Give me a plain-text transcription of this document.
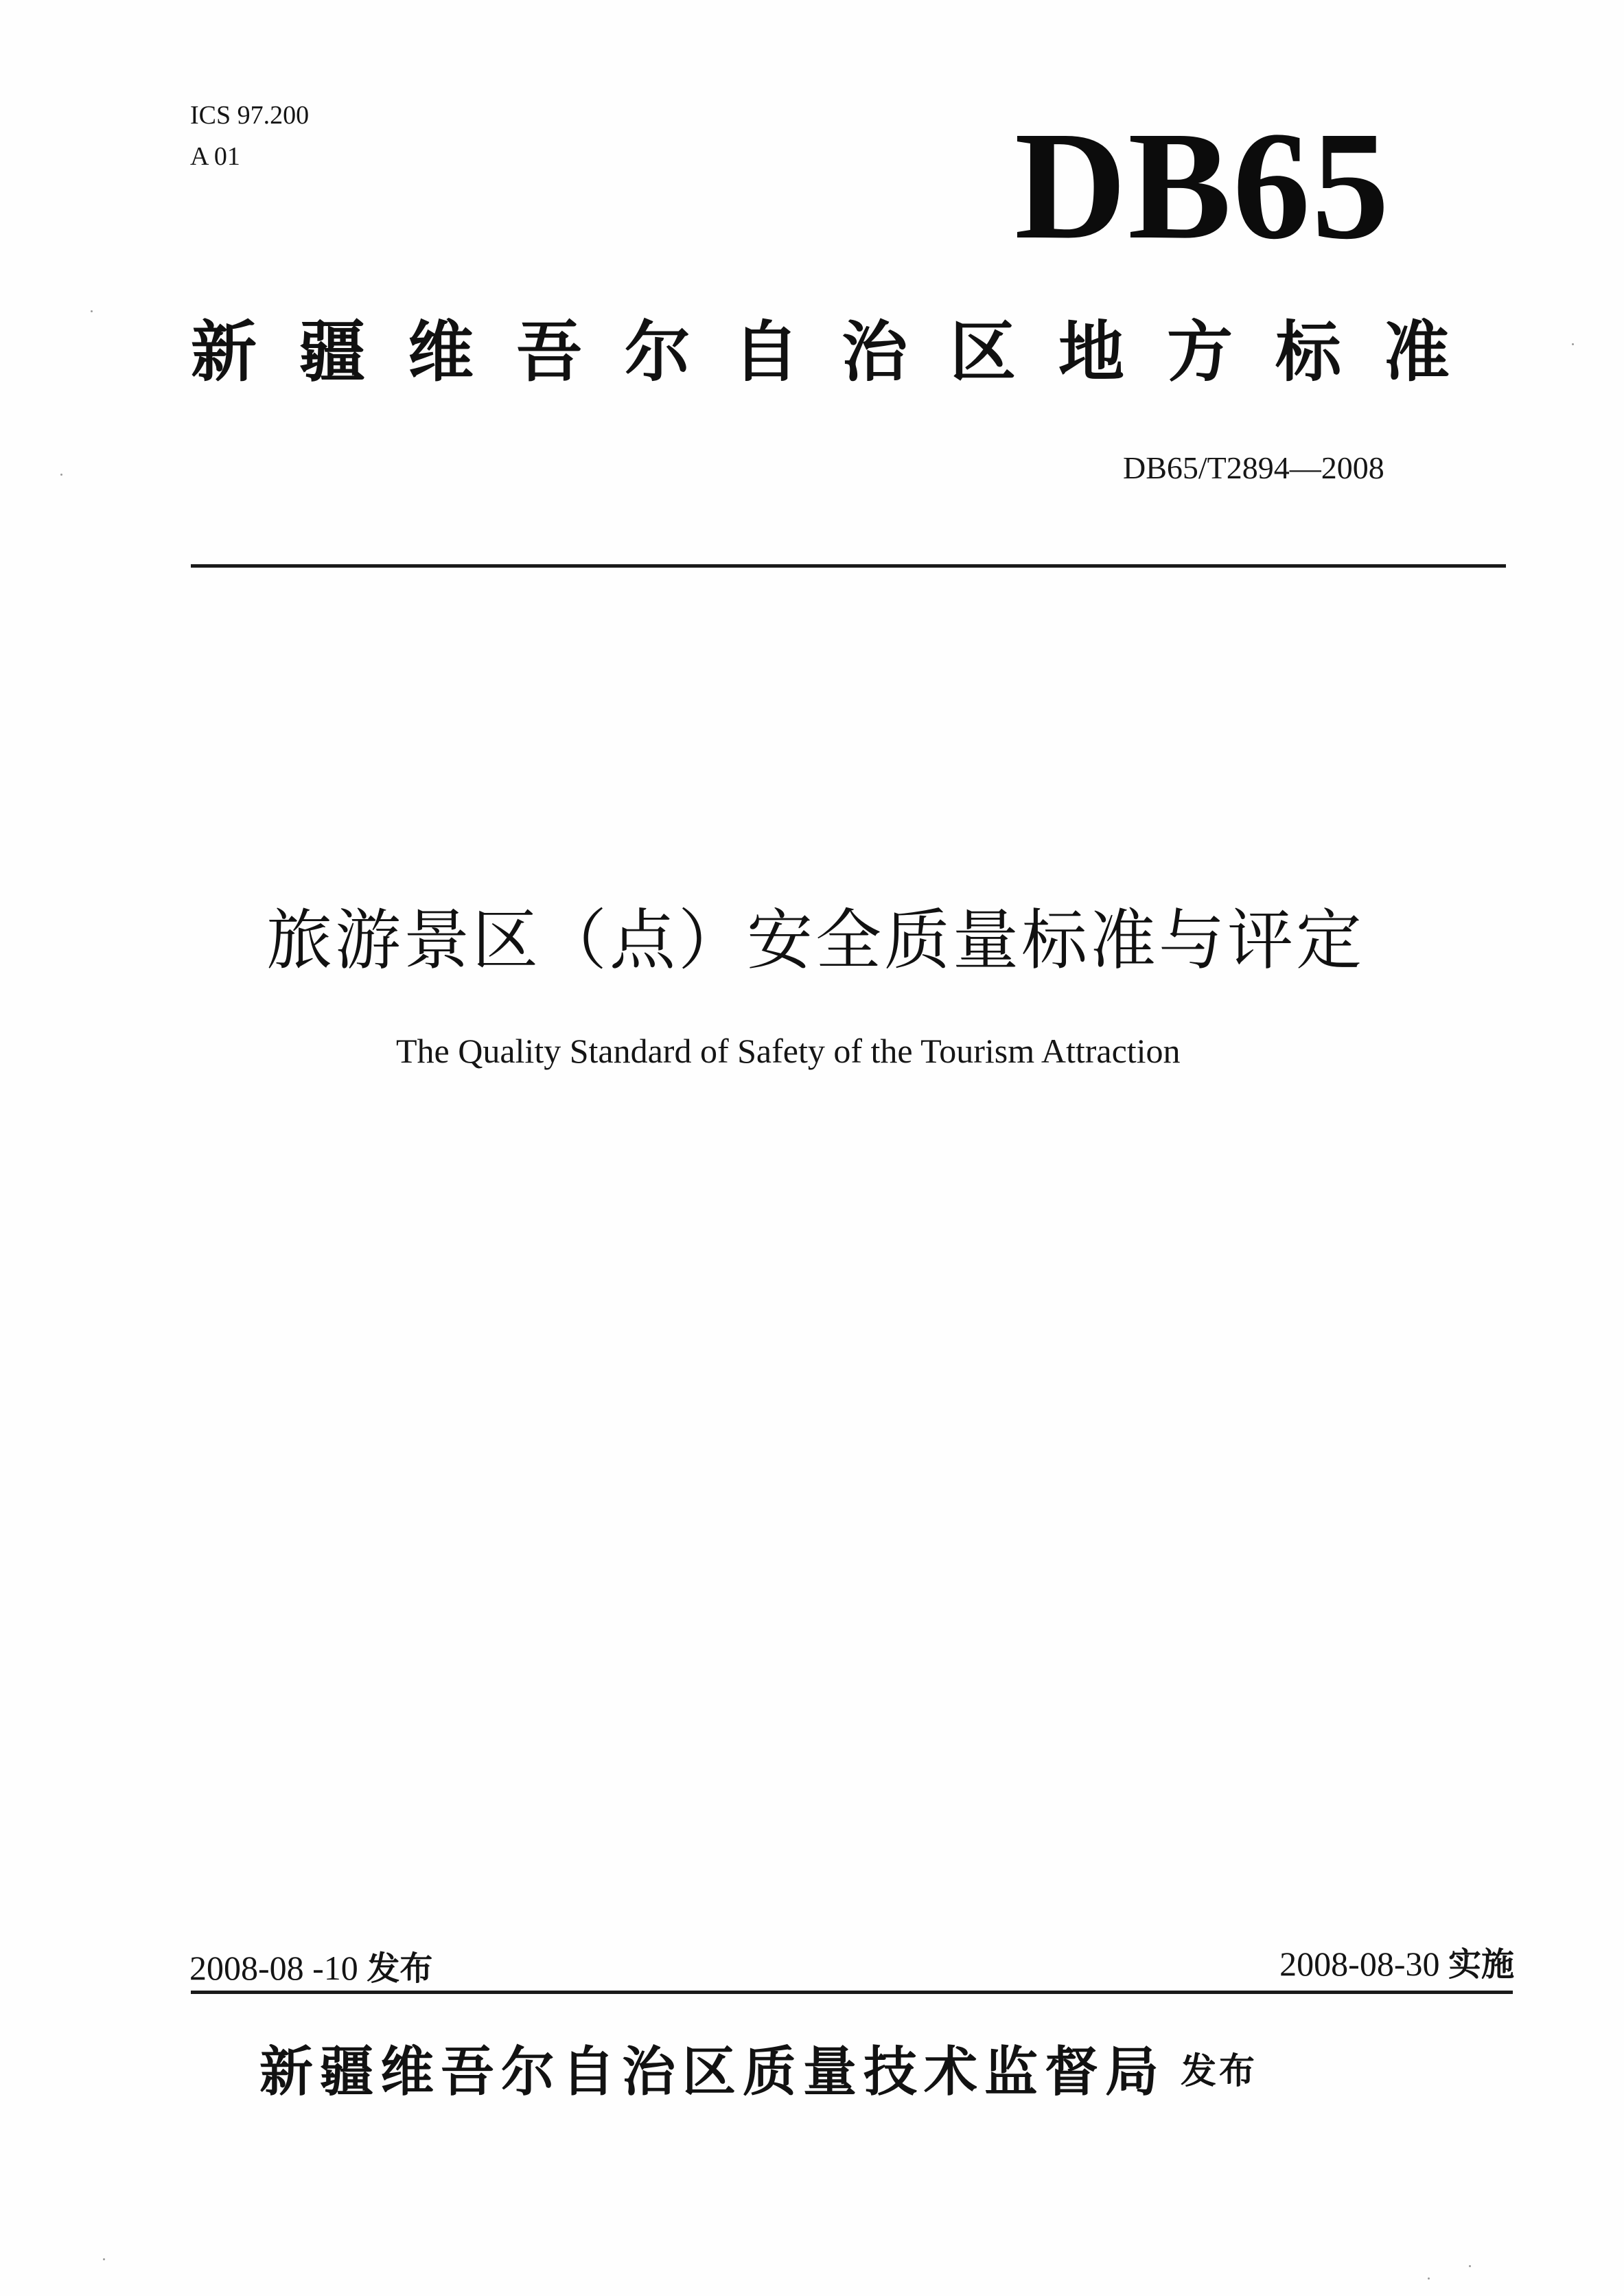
ICS 97.200
A 01	DB65
新疆维吾尔自治区地方标准
DB65/T2894—2008
旅游景区（点）安全质量标准与评定
The Quality Standard of Safety of the Tourism Attraction
2008-08 -10 发布	2008-08-30 实施
新疆维吾尔自治区质量技术监督局 发布
